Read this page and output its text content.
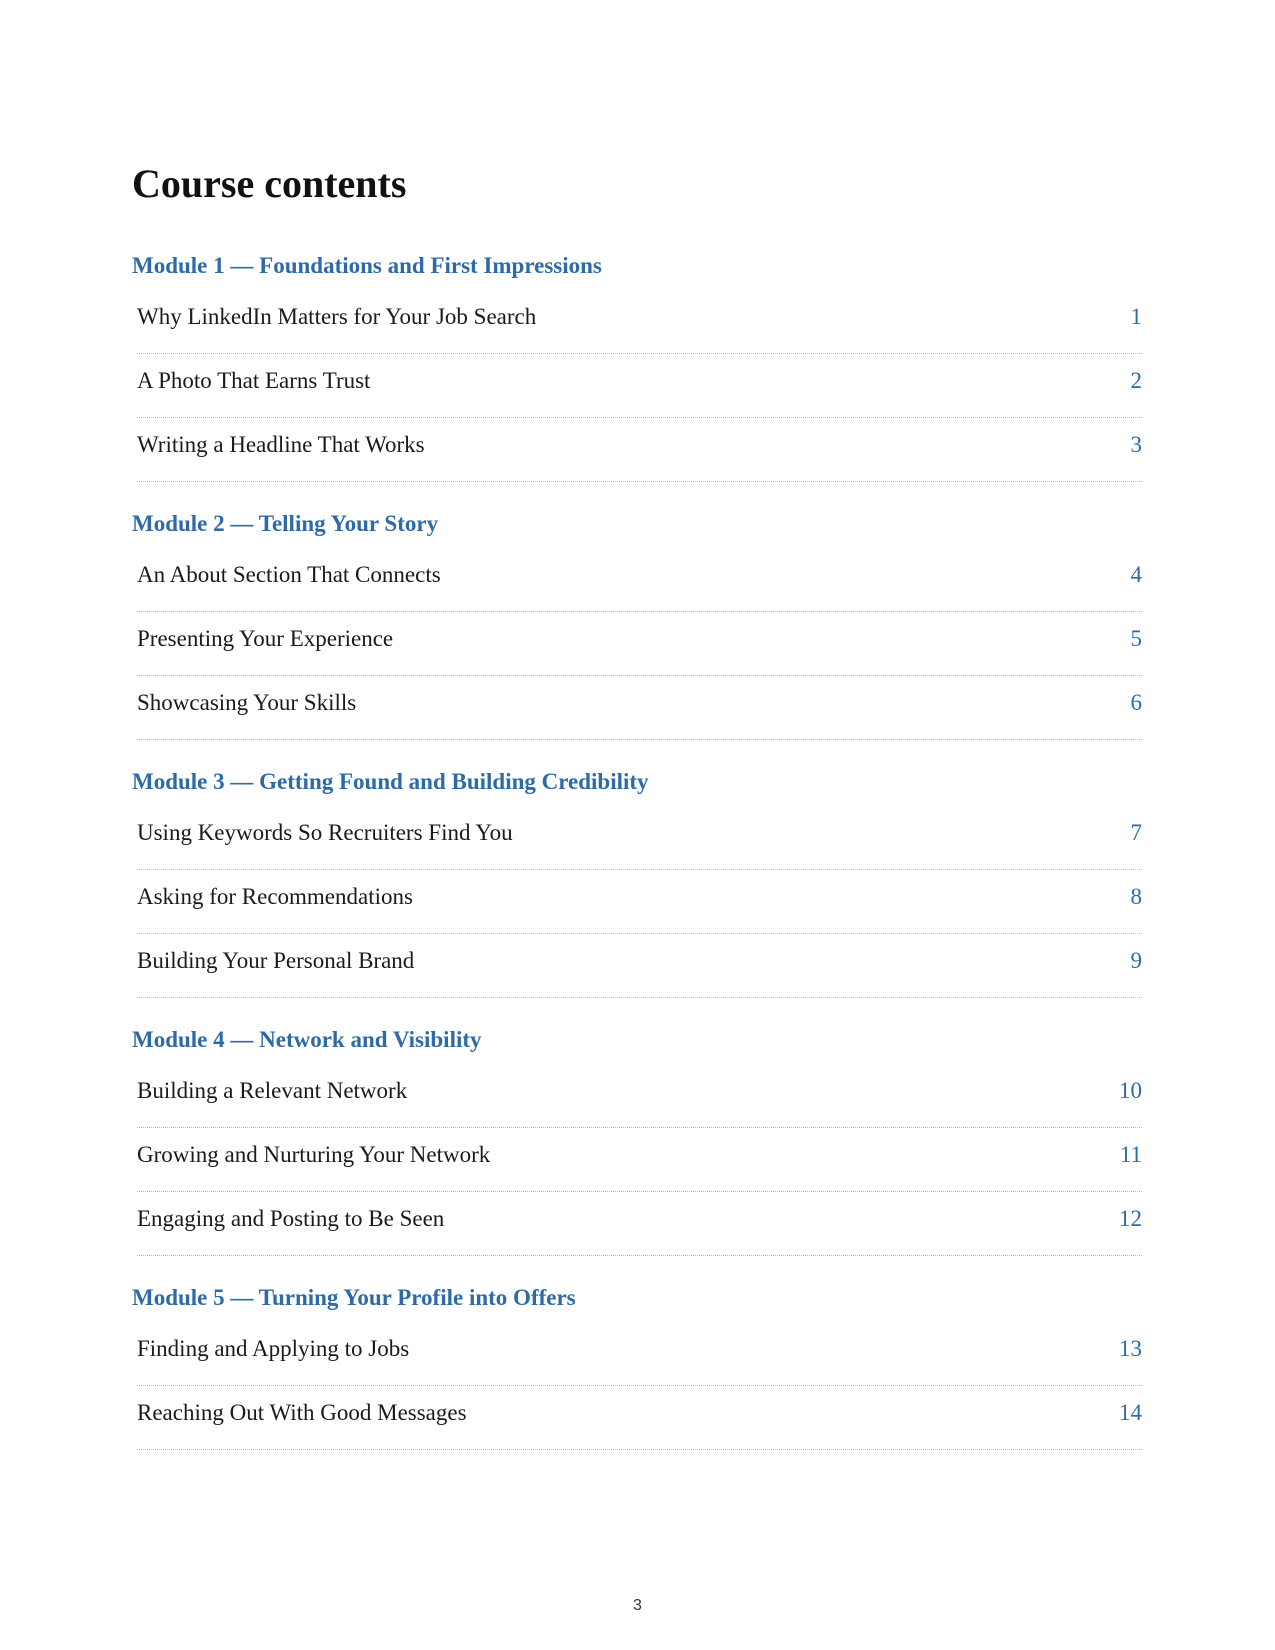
Course contents
Module 1 — Foundations and First Impressions
Why LinkedIn Matters for Your Job Search	1
A Photo That Earns Trust	2
Writing a Headline That Works	3
Module 2 — Telling Your Story
An About Section That Connects	4
Presenting Your Experience	5
Showcasing Your Skills	6
Module 3 — Getting Found and Building Credibility
Using Keywords So Recruiters Find You	7
Asking for Recommendations	8
Building Your Personal Brand	9
Module 4 — Network and Visibility
Building a Relevant Network	10
Growing and Nurturing Your Network	11
Engaging and Posting to Be Seen	12
Module 5 — Turning Your Profile into Offers
Finding and Applying to Jobs	13
Reaching Out With Good Messages	14
3
